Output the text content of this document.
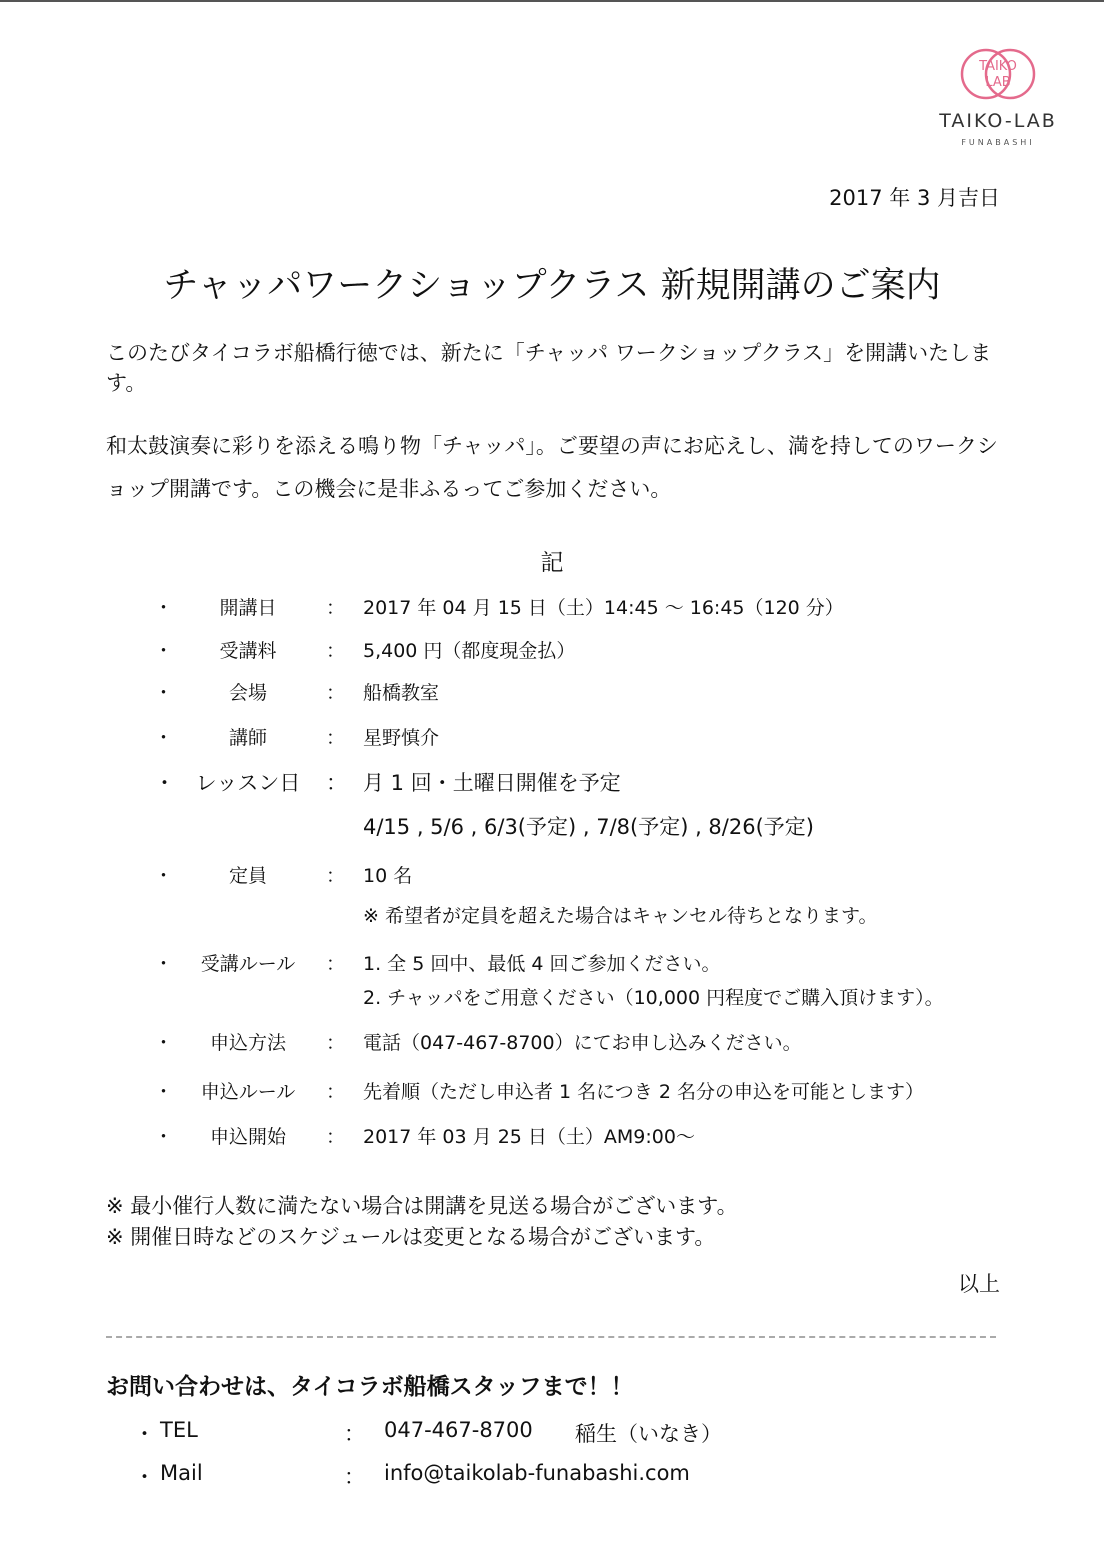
TAIKO
LAB
TAIKO-LAB
FUNABASHI
2017 年 3 月吉日
チャッパワークショップクラス 新規開講のご案内
このたびタイコラボ船橋行徳では、新たに「チャッパ ワークショップクラス」を開講いたします。
和太鼓演奏に彩りを添える鳴り物「チャッパ」。ご要望の声にお応えし、満を持してのワークショップ開講です。この機会に是非ふるってご参加ください。
記
・	開講日	： 2017 年 04 月 15 日（土）14:45 ～ 16:45（120 分）
・	受講料	： 5,400 円（都度現金払）
・	会場	： 船橋教室
・	講師	： 星野慎介
・ レッスン日	： 月 1 回・土曜日開催を予定
4/15 , 5/6 , 6/3(予定) , 7/8(予定) , 8/26(予定)
・	定員	： 10 名
※ 希望者が定員を超えた場合はキャンセル待ちとなります。
・	受講ルール	： 1. 全 5 回中、最低 4 回ご参加ください。
2. チャッパをご用意ください（10,000 円程度でご購入頂けます）。
・	申込方法	： 電話（047-467-8700）にてお申し込みください。
・	申込ルール	： 先着順（ただし申込者 1 名につき 2 名分の申込を可能とします）
・	申込開始	： 2017 年 03 月 25 日（土）AM9:00～
※ 最小催行人数に満たない場合は開講を見送る場合がございます。
※ 開催日時などのスケジュールは変更となる場合がございます。
以上
お問い合わせは、タイコラボ船橋スタッフまで！！
・ TEL	： 047-467-8700 稲生（いなき）
・ Mail	： info@taikolab-funabashi.com
